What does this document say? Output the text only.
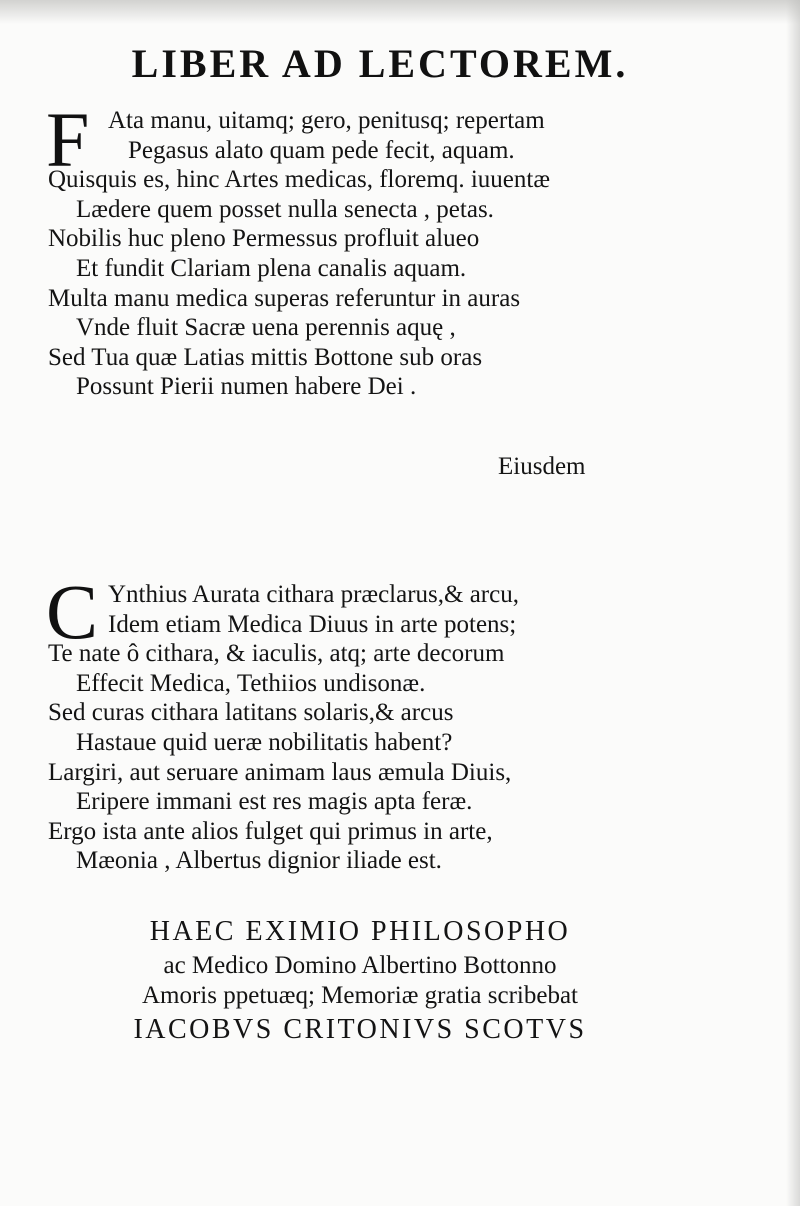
LIBER AD LECTOREM.
F Ata manu, uitamq; gero, penitusq; repertam
Pegasus alato quam pede fecit, aquam.
Quisquis es, hinc Artes medicas, floremq. iuuentæ
Lædere quem posset nulla senecta , petas.
Nobilis huc pleno Permessus profluit alueo
Et fundit Clariam plena canalis aquam.
Multa manu medica superas referuntur in auras
Vnde fluit Sacræ uena perennis aquę ,
Sed Tua quæ Latias mittis Bottone sub oras
Possunt Pierii numen habere Dei .
Eiusdem
C Ynthius Aurata cithara præclarus,& arcu,
Idem etiam Medica Diuus in arte potens;
Te nate ô cithara, & iaculis, atq; arte decorum
Effecit Medica, Tethiios undisonæ.
Sed curas cithara latitans solaris,& arcus
Hastaue quid ueræ nobilitatis habent?
Largiri, aut seruare animam laus æmula Diuis,
Eripere immani est res magis apta feræ.
Ergo ista ante alios fulget qui primus in arte,
Mæonia , Albertus dignior iliade est.
HAEC EXIMIO PHILOSOPHO
ac Medico Domino Albertino Bottonno
Amoris ppetuæq; Memoriæ gratia scribebat
IACOBVS CRITONIVS SCOTVS
